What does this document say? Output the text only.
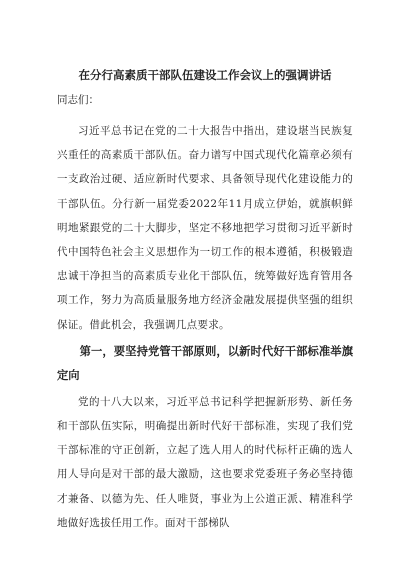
在分行高素质干部队伍建设工作会议上的强调讲话
同志们：

习近平总书记在党的二十大报告中指出，建设堪当民族复兴重任的高素质干部队伍。奋力谱写中国式现代化篇章必须有一支政治过硬、适应新时代要求、具备领导现代化建设能力的干部队伍。分行新一届党委2022年11月成立伊始，就旗帜鲜明地紧跟党的二十大脚步，坚定不移地把学习贯彻习近平新时代中国特色社会主义思想作为一切工作的根本遵循，积极锻造忠诚干净担当的高素质专业化干部队伍，统筹做好选育管用各项工作，努力为高质量服务地方经济金融发展提供坚强的组织保证。借此机会，我强调几点要求。

第一，要坚持党管干部原则，以新时代好干部标准举旗定向

党的十八大以来，习近平总书记科学把握新形势、新任务和干部队伍实际，明确提出新时代好干部标准，实现了我们党干部标准的守正创新，立起了选人用人的时代标杆正确的选人用人导向是对干部的最大激励，这也要求党委班子务必坚持德才兼备、以德为先、任人唯贤，事业为上公道正派、精准科学地做好选拔任用工作。面对干部梯队
